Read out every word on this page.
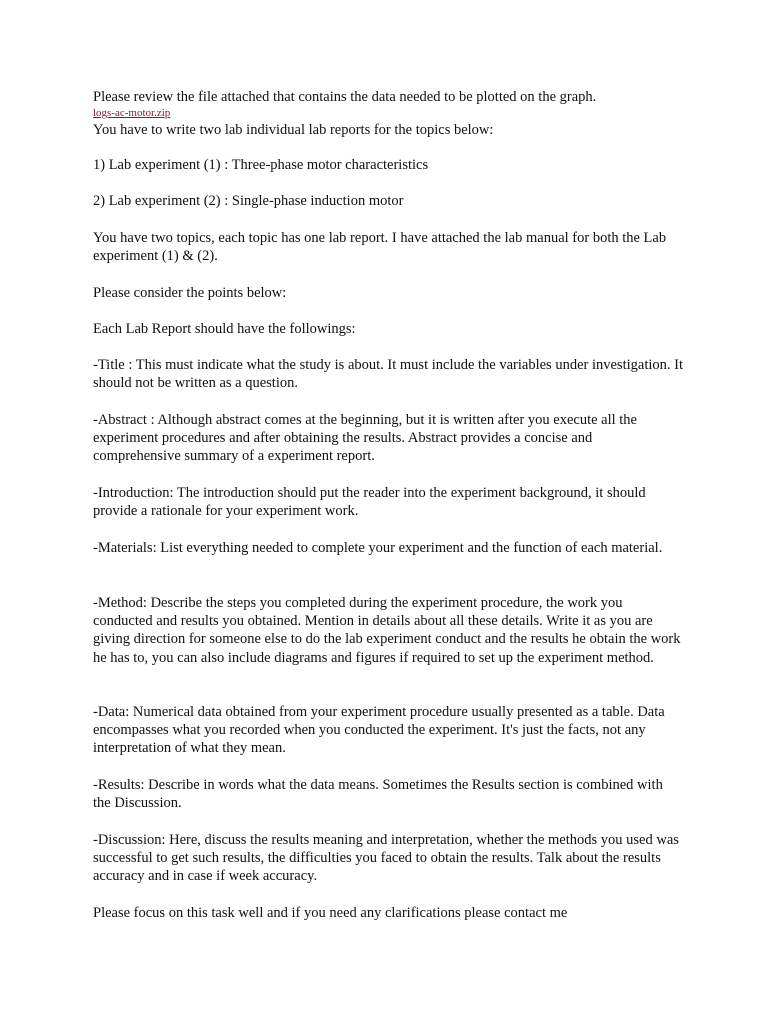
Please review the file attached that contains the data needed to be plotted on the graph.

logs-ac-motor.zip

You have to write two lab individual lab reports for the topics below:

1) Lab experiment (1) : Three-phase motor characteristics

2) Lab experiment (2) : Single-phase induction motor

You have two topics, each topic has one lab report. I have attached the lab manual for both the Lab experiment (1) & (2).

Please consider the points below:

Each Lab Report should have the followings:

-Title : This must indicate what the study is about. It must include the variables under investigation. It should not be written as a question.

-Abstract : Although abstract comes at the beginning, but it is written after you execute all the experiment procedures and after obtaining the results. Abstract provides a concise and comprehensive summary of a experiment report.

-Introduction: The introduction should put the reader into the experiment background, it should provide a rationale for your experiment work.

-Materials: List everything needed to complete your experiment and the function of each material.

-Method: Describe the steps you completed during the experiment procedure, the work you conducted and results you obtained. Mention in details about all these details. Write it as you are giving direction for someone else to do the lab experiment conduct and the results he obtain the work he has to, you can also include diagrams and figures if required to set up the experiment method.

-Data: Numerical data obtained from your experiment procedure usually presented as a table. Data encompasses what you recorded when you conducted the experiment. It's just the facts, not any interpretation of what they mean.

-Results: Describe in words what the data means. Sometimes the Results section is combined with the Discussion.

-Discussion: Here, discuss the results meaning and interpretation, whether the methods you used was successful to get such results, the difficulties you faced to obtain the results. Talk about the results accuracy and in case if week accuracy.

Please focus on this task well and if you need any clarifications please contact me
